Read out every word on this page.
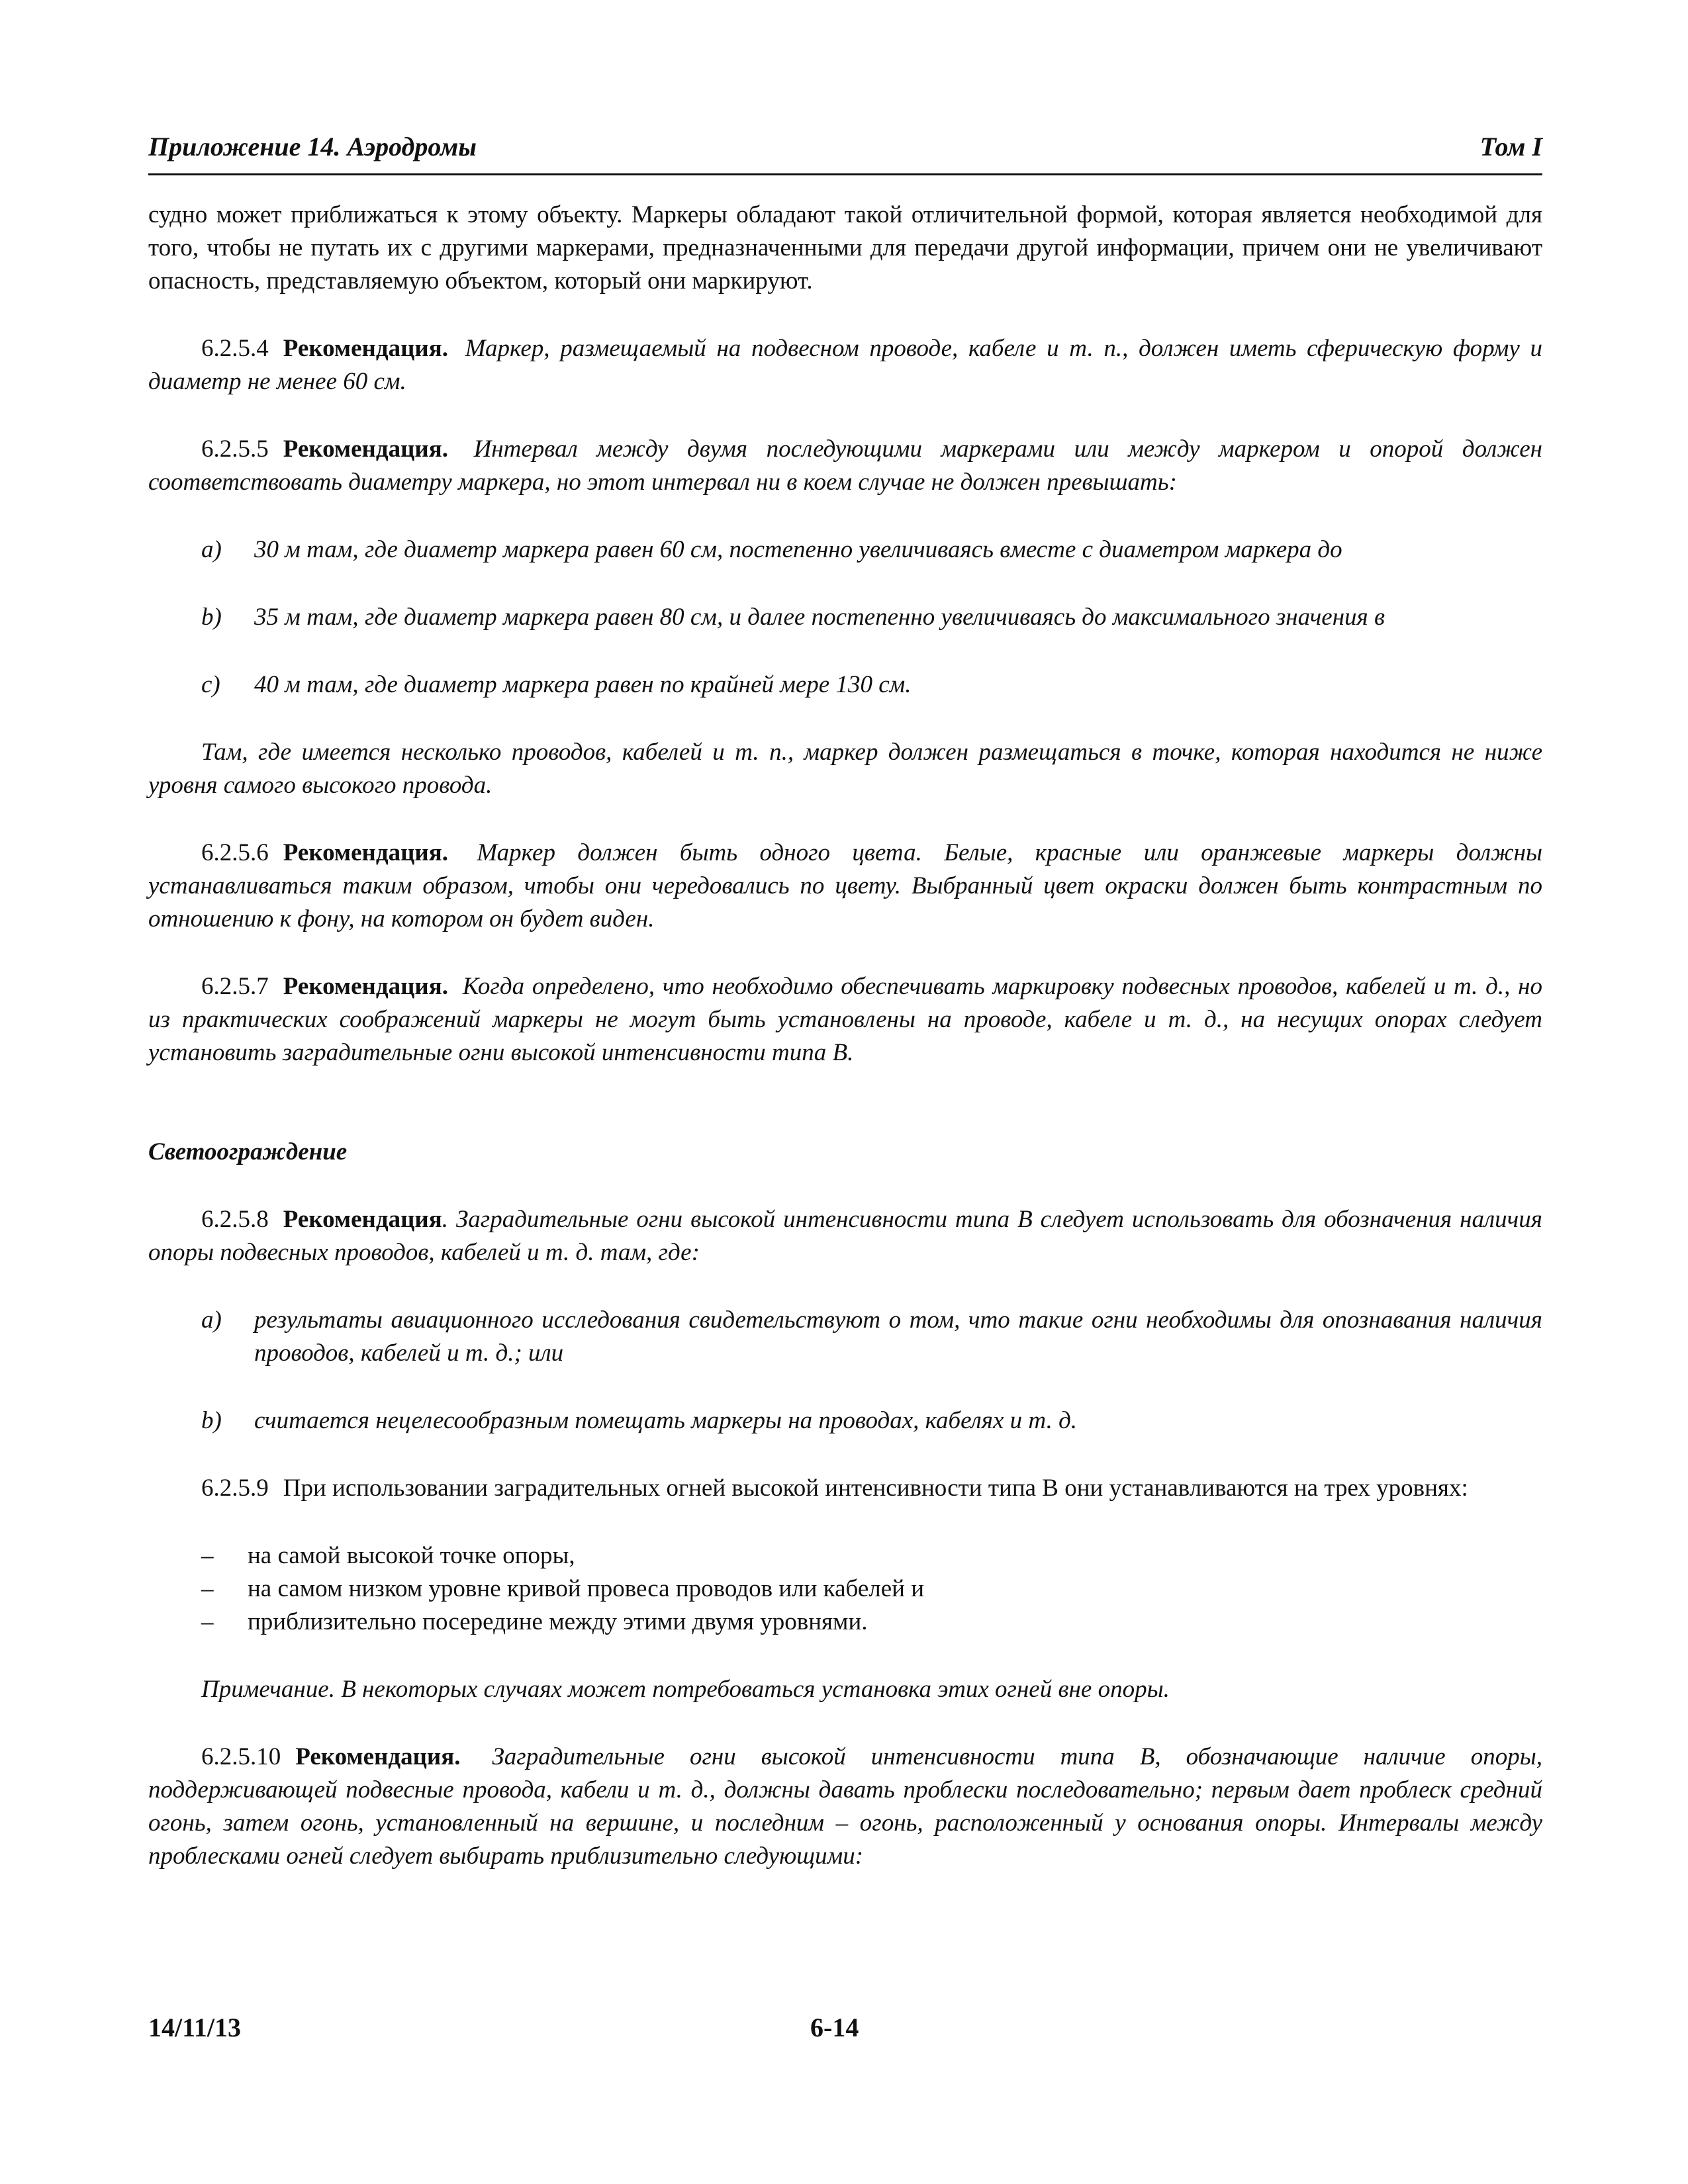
Приложение 14. Аэродромы	Том I

судно может приближаться к этому объекту. Маркеры обладают такой отличительной формой, которая является необходимой для того, чтобы не путать их с другими маркерами, предназначенными для передачи другой информации, причем они не увеличивают опасность, представляемую объектом, который они маркируют.

6.2.5.4 Рекомендация. Маркер, размещаемый на подвесном проводе, кабеле и т. п., должен иметь сферическую форму и диаметр не менее 60 см.

6.2.5.5 Рекомендация. Интервал между двумя последующими маркерами или между маркером и опорой должен соответствовать диаметру маркера, но этот интервал ни в коем случае не должен превышать:

a)	30 м там, где диаметр маркера равен 60 см, постепенно увеличиваясь вместе с диаметром маркера до
b)	35 м там, где диаметр маркера равен 80 см, и далее постепенно увеличиваясь до максимального значения в
c)	40 м там, где диаметр маркера равен по крайней мере 130 см.

Там, где имеется несколько проводов, кабелей и т. п., маркер должен размещаться в точке, которая находится не ниже уровня самого высокого провода.

6.2.5.6 Рекомендация. Маркер должен быть одного цвета. Белые, красные или оранжевые маркеры должны устанавливаться таким образом, чтобы они чередовались по цвету. Выбранный цвет окраски должен быть контрастным по отношению к фону, на котором он будет виден.

6.2.5.7 Рекомендация. Когда определено, что необходимо обеспечивать маркировку подвесных проводов, кабелей и т. д., но из практических соображений маркеры не могут быть установлены на проводе, кабеле и т. д., на несущих опорах следует установить заградительные огни высокой интенсивности типа B.

Светоограждение

6.2.5.8 Рекомендация. Заградительные огни высокой интенсивности типа B следует использовать для обозначения наличия опоры подвесных проводов, кабелей и т. д. там, где:

a)	результаты авиационного исследования свидетельствуют о том, что такие огни необходимы для опознавания наличия проводов, кабелей и т. д.; или
b)	считается нецелесообразным помещать маркеры на проводах, кабелях и т. д.

6.2.5.9 При использовании заградительных огней высокой интенсивности типа B они устанавливаются на трех уровнях:

–	на самой высокой точке опоры,
–	на самом низком уровне кривой провеса проводов или кабелей и
–	приблизительно посередине между этими двумя уровнями.

Примечание. В некоторых случаях может потребоваться установка этих огней вне опоры.

6.2.5.10 Рекомендация. Заградительные огни высокой интенсивности типа B, обозначающие наличие опоры, поддерживающей подвесные провода, кабели и т. д., должны давать проблески последовательно; первым дает проблеск средний огонь, затем огонь, установленный на вершине, и последним – огонь, расположенный у основания опоры. Интервалы между проблесками огней следует выбирать приблизительно следующими:

14/11/13	6-14
